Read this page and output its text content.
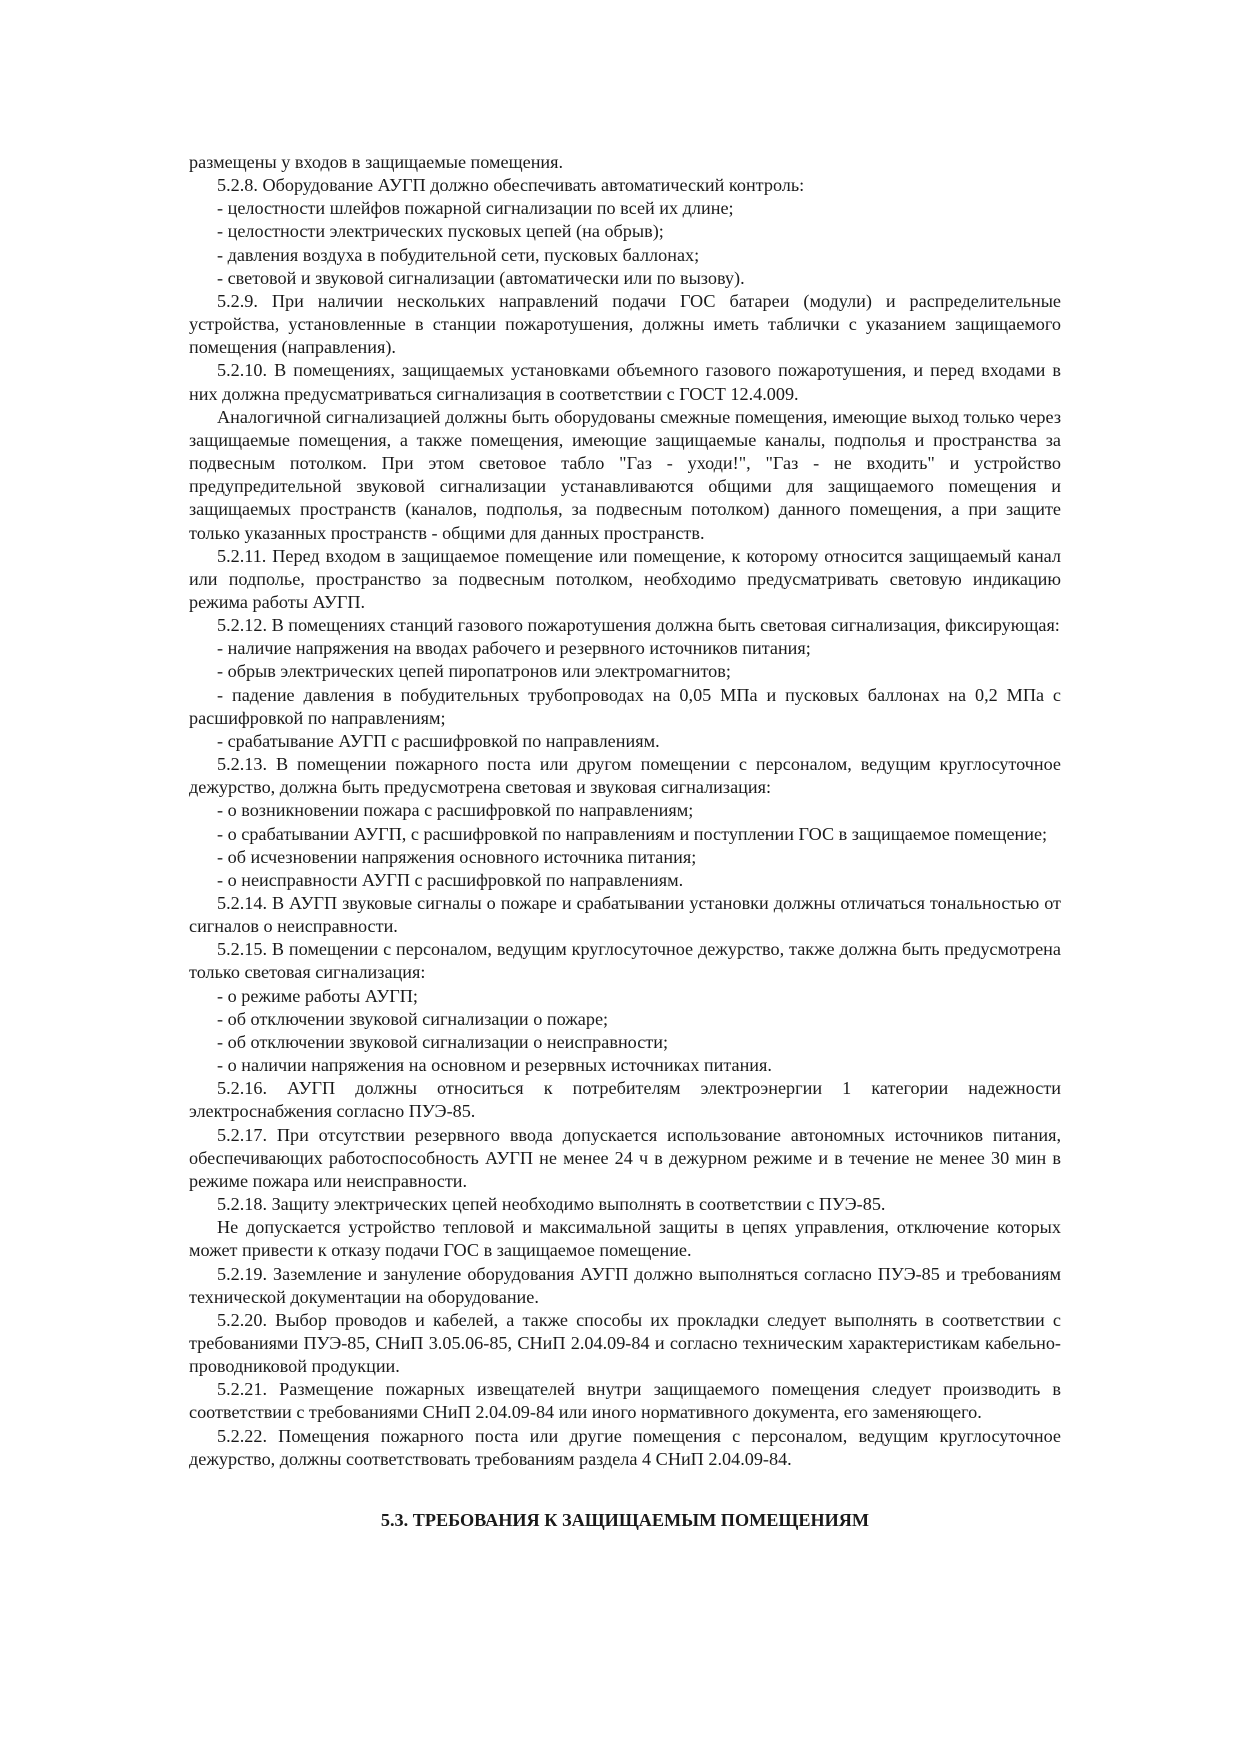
размещены у входов в защищаемые помещения.

5.2.8. Оборудование АУГП должно обеспечивать автоматический контроль:

- целостности шлейфов пожарной сигнализации по всей их длине;

- целостности электрических пусковых цепей (на обрыв);

- давления воздуха в побудительной сети, пусковых баллонах;

- световой и звуковой сигнализации (автоматически или по вызову).

5.2.9. При наличии нескольких направлений подачи ГОС батареи (модули) и распределительные устройства, установленные в станции пожаротушения, должны иметь таблички с указанием защищаемого помещения (направления).

5.2.10. В помещениях, защищаемых установками объемного газового пожаротушения, и перед входами в них должна предусматриваться сигнализация в соответствии с ГОСТ 12.4.009.

Аналогичной сигнализацией должны быть оборудованы смежные помещения, имеющие выход только через защищаемые помещения, а также помещения, имеющие защищаемые каналы, подполья и пространства за подвесным потолком. При этом световое табло "Газ - уходи!", "Газ - не входить" и устройство предупредительной звуковой сигнализации устанавливаются общими для защищаемого помещения и защищаемых пространств (каналов, подполья, за подвесным потолком) данного помещения, а при защите только указанных пространств - общими для данных пространств.

5.2.11. Перед входом в защищаемое помещение или помещение, к которому относится защищаемый канал или подполье, пространство за подвесным потолком, необходимо предусматривать световую индикацию режима работы АУГП.

5.2.12. В помещениях станций газового пожаротушения должна быть световая сигнализация, фиксирующая:

- наличие напряжения на вводах рабочего и резервного источников питания;

- обрыв электрических цепей пиропатронов или электромагнитов;

- падение давления в побудительных трубопроводах на 0,05 МПа и пусковых баллонах на 0,2 МПа с расшифровкой по направлениям;

- срабатывание АУГП с расшифровкой по направлениям.

5.2.13. В помещении пожарного поста или другом помещении с персоналом, ведущим круглосуточное дежурство, должна быть предусмотрена световая и звуковая сигнализация:

- о возникновении пожара с расшифровкой по направлениям;

- о срабатывании АУГП, с расшифровкой по направлениям и поступлении ГОС в защищаемое помещение;

- об исчезновении напряжения основного источника питания;

- о неисправности АУГП с расшифровкой по направлениям.

5.2.14. В АУГП звуковые сигналы о пожаре и срабатывании установки должны отличаться тональностью от сигналов о неисправности.

5.2.15. В помещении с персоналом, ведущим круглосуточное дежурство, также должна быть предусмотрена только световая сигнализация:

- о режиме работы АУГП;

- об отключении звуковой сигнализации о пожаре;

- об отключении звуковой сигнализации о неисправности;

- о наличии напряжения на основном и резервных источниках питания.

5.2.16. АУГП должны относиться к потребителям электроэнергии 1 категории надежности электроснабжения согласно ПУЭ-85.

5.2.17. При отсутствии резервного ввода допускается использование автономных источников питания, обеспечивающих работоспособность АУГП не менее 24 ч в дежурном режиме и в течение не менее 30 мин в режиме пожара или неисправности.

5.2.18. Защиту электрических цепей необходимо выполнять в соответствии с ПУЭ-85.

Не допускается устройство тепловой и максимальной защиты в цепях управления, отключение которых может привести к отказу подачи ГОС в защищаемое помещение.

5.2.19. Заземление и зануление оборудования АУГП должно выполняться согласно ПУЭ-85 и требованиям технической документации на оборудование.

5.2.20. Выбор проводов и кабелей, а также способы их прокладки следует выполнять в соответствии с требованиями ПУЭ-85, СНиП 3.05.06-85, СНиП 2.04.09-84 и согласно техническим характеристикам кабельно-проводниковой продукции.

5.2.21. Размещение пожарных извещателей внутри защищаемого помещения следует производить в соответствии с требованиями СНиП 2.04.09-84 или иного нормативного документа, его заменяющего.

5.2.22. Помещения пожарного поста или другие помещения с персоналом, ведущим круглосуточное дежурство, должны соответствовать требованиям раздела 4 СНиП 2.04.09-84.

5.3. ТРЕБОВАНИЯ К ЗАЩИЩАЕМЫМ ПОМЕЩЕНИЯМ
